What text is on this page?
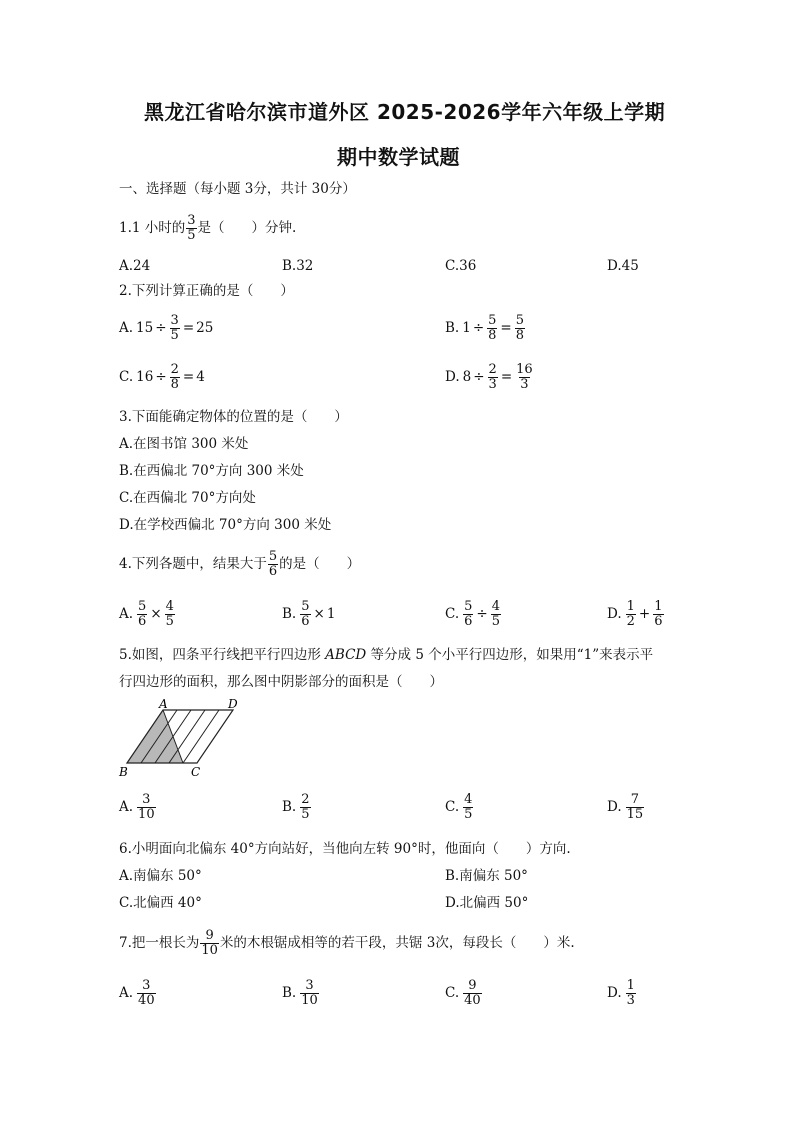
黑龙江省哈尔滨市道外区 2025-2026学年六年级上学期
期中数学试题
一、选择题（每小题 3分，共计 30分）
1.1 小时的 $\frac{3}{5}$ 是（　　）分钟.
A.24	B.32	C.36	D.45
2.下列计算正确的是（　　）
A. $15 \div \frac{3}{5} = 25$	B. $1 \div \frac{5}{8} = \frac{5}{8}$
C. $16 \div \frac{2}{8} = 4$	D. $8 \div \frac{2}{3} = \frac{16}{3}$
3.下面能确定物体的位置的是（　　）
A.在图书馆 300 米处
B.在西偏北 70°方向 300 米处
C.在西偏北 70°方向处
D.在学校西偏北 70°方向 300 米处
4.下列各题中，结果大于 $\frac{5}{6}$ 的是（　　）
A. $\frac{5}{6} \times \frac{4}{5}$	B. $\frac{5}{6} \times 1$	C. $\frac{5}{6} \div \frac{4}{5}$	D. $\frac{1}{2} + \frac{1}{6}$
5.如图，四条平行线把平行四边形 ABCD 等分成 5 个小平行四边形，如果用“1”来表示平
行四边形的面积，那么图中阴影部分的面积是（　　）
A	D
B	C
A. $\frac{3}{10}$	B. $\frac{2}{5}$	C. $\frac{4}{5}$	D. $\frac{7}{15}$
6.小明面向北偏东 40°方向站好，当他向左转 90°时，他面向（　　）方向.
A.南偏东 50°	B.南偏东 50°
C.北偏西 40°	D.北偏西 50°
7.把一根长为 $\frac{9}{10}$ 米的木根锯成相等的若干段，共锯 3次，每段长（　　）米.
A. $\frac{3}{40}$	B. $\frac{3}{10}$	C. $\frac{9}{40}$	D. $\frac{1}{3}$
